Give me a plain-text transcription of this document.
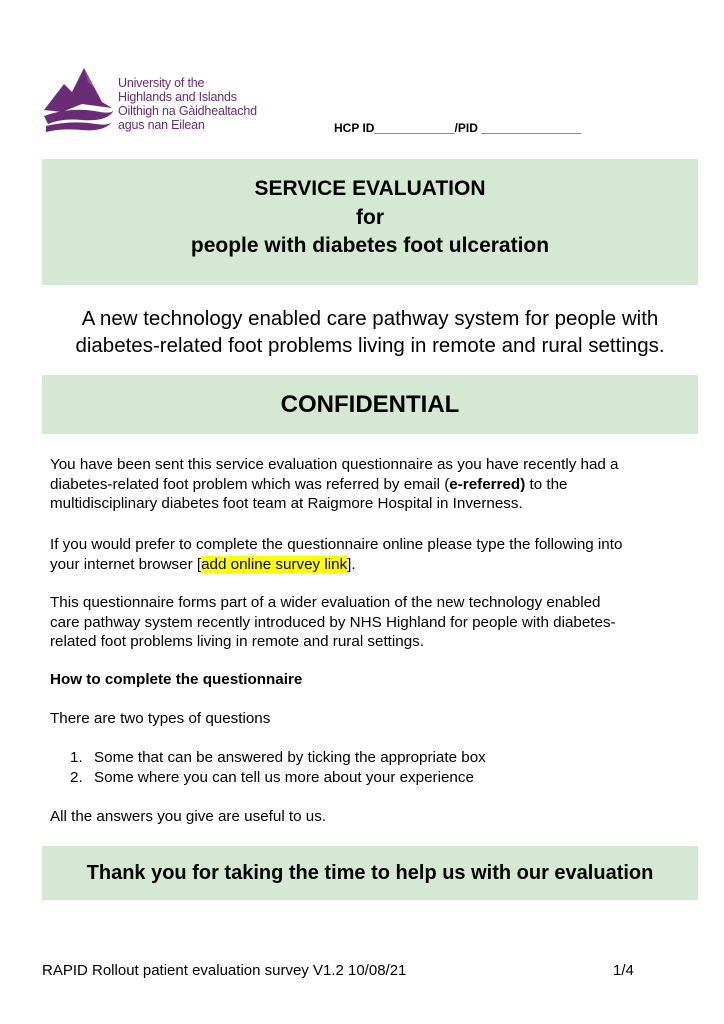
University of the
Highlands and Islands
Oilthigh na Gàidhealtachd
agus nan Eilean	HCP ID____________/PID _______________
SERVICE EVALUATION
for
people with diabetes foot ulceration
A new technology enabled care pathway system for people with
diabetes-related foot problems living in remote and rural settings.
CONFIDENTIAL

You have been sent this service evaluation questionnaire as you have recently had a
diabetes-related foot problem which was referred by email (e-referred) to the
multidisciplinary diabetes foot team at Raigmore Hospital in Inverness.

If you would prefer to complete the questionnaire online please type the following into
your internet browser [add online survey link].

This questionnaire forms part of a wider evaluation of the new technology enabled
care pathway system recently introduced by NHS Highland for people with diabetes-
related foot problems living in remote and rural settings.

How to complete the questionnaire

There are two types of questions

1. Some that can be answered by ticking the appropriate box
2. Some where you can tell us more about your experience

All the answers you give are useful to us.

Thank you for taking the time to help us with our evaluation
RAPID Rollout patient evaluation survey V1.2 10/08/21	1/4
